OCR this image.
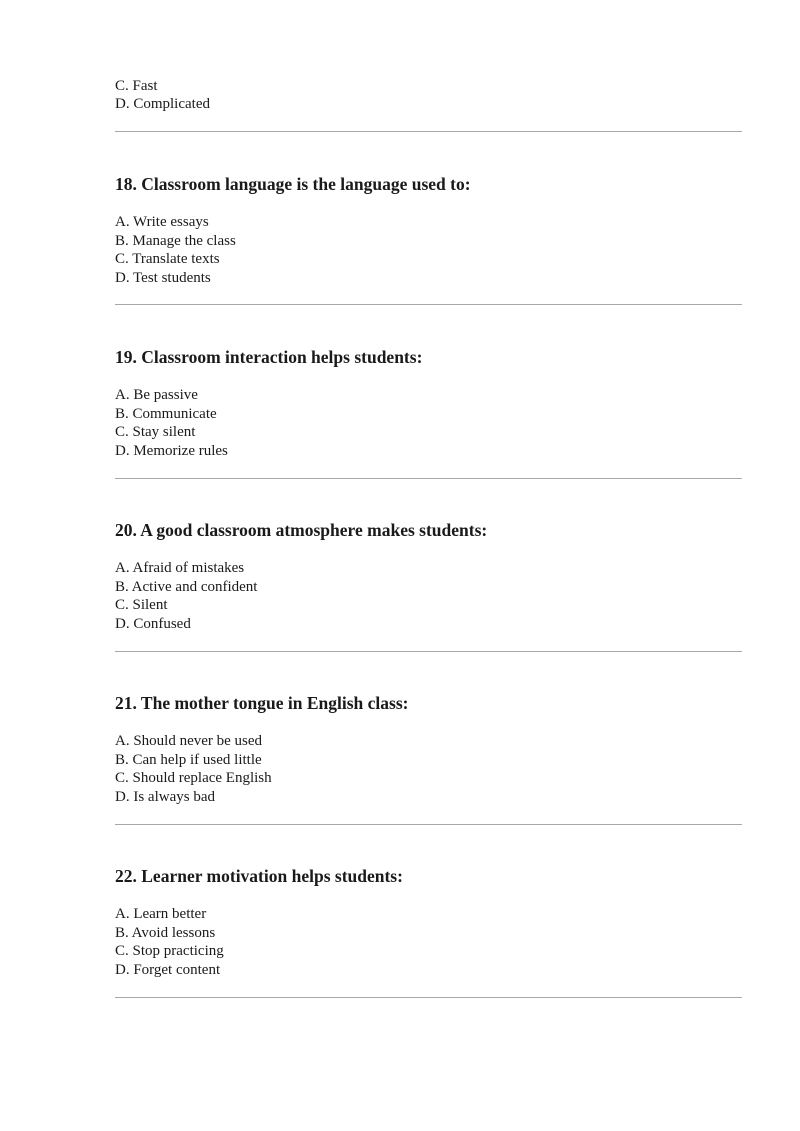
C. Fast
D. Complicated
18. Classroom language is the language used to:
A. Write essays
B. Manage the class
C. Translate texts
D. Test students
19. Classroom interaction helps students:
A. Be passive
B. Communicate
C. Stay silent
D. Memorize rules
20. A good classroom atmosphere makes students:
A. Afraid of mistakes
B. Active and confident
C. Silent
D. Confused
21. The mother tongue in English class:
A. Should never be used
B. Can help if used little
C. Should replace English
D. Is always bad
22. Learner motivation helps students:
A. Learn better
B. Avoid lessons
C. Stop practicing
D. Forget content
